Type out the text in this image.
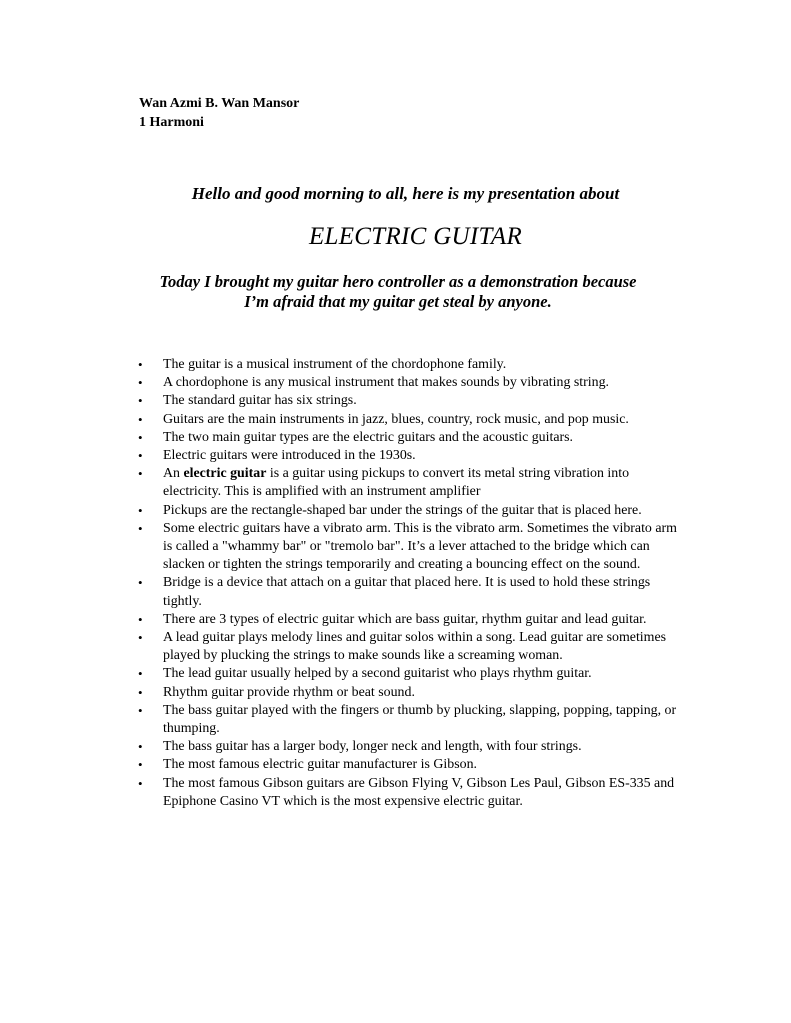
Wan Azmi B. Wan Mansor
1 Harmoni
Hello and good morning to all, here is my presentation about
ELECTRIC GUITAR
Today I brought my guitar hero controller as a demonstration because
I’m afraid that my guitar get steal by anyone.
• The guitar is a musical instrument of the chordophone family.
• A chordophone is any musical instrument that makes sounds by vibrating string.
• The standard guitar has six strings.
• Guitars are the main instruments in jazz, blues, country, rock music, and pop music.
• The two main guitar types are the electric guitars and the acoustic guitars.
• Electric guitars were introduced in the 1930s.
• An electric guitar is a guitar using pickups to convert its metal string vibration into electricity. This is amplified with an instrument amplifier
• Pickups are the rectangle-shaped bar under the strings of the guitar that is placed here.
• Some electric guitars have a vibrato arm. This is the vibrato arm. Sometimes the vibrato arm is called a "whammy bar" or "tremolo bar". It’s a lever attached to the bridge which can slacken or tighten the strings temporarily and creating a bouncing effect on the sound.
• Bridge is a device that attach on a guitar that placed here. It is used to hold these strings tightly.
• There are 3 types of electric guitar which are bass guitar, rhythm guitar and lead guitar.
• A lead guitar plays melody lines and guitar solos within a song. Lead guitar are sometimes played by plucking the strings to make sounds like a screaming woman.
• The lead guitar usually helped by a second guitarist who plays rhythm guitar.
• Rhythm guitar provide rhythm or beat sound.
• The bass guitar played with the fingers or thumb by plucking, slapping, popping, tapping, or thumping.
• The bass guitar has a larger body, longer neck and length, with four strings.
• The most famous electric guitar manufacturer is Gibson.
• The most famous Gibson guitars are Gibson Flying V, Gibson Les Paul, Gibson ES-335 and Epiphone Casino VT which is the most expensive electric guitar.
